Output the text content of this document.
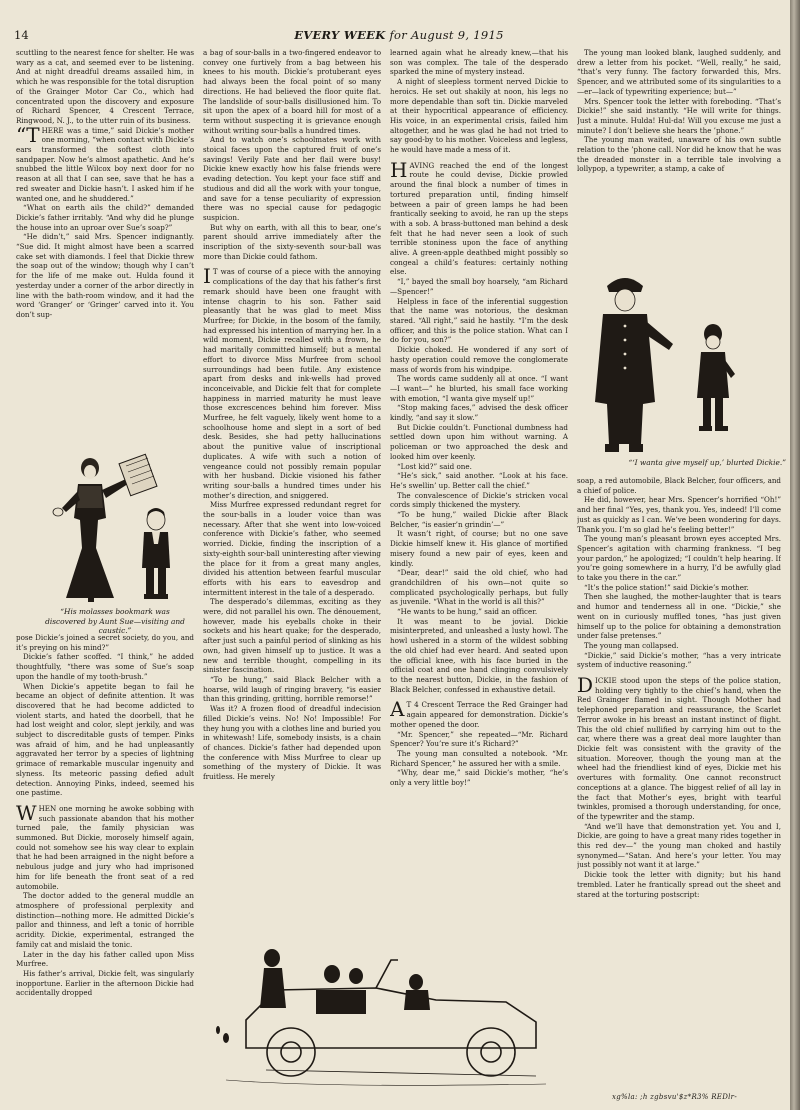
14	EVERY WEEK for August 9, 1915

scuttling to the nearest fence for shelter. He was wary as a cat, and seemed ever to be listening. And at night dreadful dreams assailed him, in which he was responsible for the total disruption of the Grainger Motor Car Co., which had concentrated upon the discovery and exposure of Richard Spencer, 4 Crescent Terrace, Ringwood, N. J., to the utter ruin of its business.

“THERE was a time,” said Dickie’s mother one morning, “when contact with Dickie’s ears transformed the softest cloth into sandpaper. Now he’s almost apathetic. And he’s snubbed the little Wilcox boy next door for no reason at all that I can see, save that he has a red sweater and Dickie hasn’t. I asked him if he wanted one, and he shuddered.”

“What on earth ails the child?” demanded Dickie’s father irritably. “And why did he plunge the house into an uproar over Sue’s soap?”

“He didn’t,” said Mrs. Spencer indignantly. “Sue did. It might almost have been a scarred cake set with diamonds. I feel that Dickie threw the soap out of the window; though why I can’t for the life of me make out. Hulda found it yesterday under a corner of the arbor directly in line with the bath-room window, and it had the word ‘Granger’ or ‘Gringer’ carved into it. You don’t sup-

“His molasses bookmark was discovered by Aunt Sue—visiting and caustic.”

pose Dickie’s joined a secret society, do you, and it’s preying on his mind?”

Dickie’s father scoffed. “I think,” he added thoughtfully, “there was some of Sue’s soap upon the handle of my tooth-brush.”

When Dickie’s appetite began to fail he became an object of definite attention. It was discovered that he had become addicted to violent starts, and hated the doorbell, that he had lost weight and color, slept jerkily, and was subject to discreditable gusts of temper. Pinks was afraid of him, and he had unpleasantly aggravated her terror by a species of lightning grimace of remarkable muscular ingenuity and slyness. Its meteoric passing defied adult detection. Annoying Pinks, indeed, seemed his one pastime.

WHEN one morning he awoke sobbing with such passionate abandon that his mother turned pale, the family physician was summoned. But Dickie, morosely himself again, could not somehow see his way clear to explain that he had been arraigned in the night before a nebulous judge and jury who had imprisoned him for life beneath the front seat of a red automobile.

The doctor added to the general muddle an atmosphere of professional perplexity and distinction—nothing more. He admitted Dickie’s pallor and thinness, and left a tonic of horrible acridity. Dickie, experimental, estranged the family cat and mislaid the tonic.

Later in the day his father called upon Miss Murfree.

His father’s arrival, Dickie felt, was singularly inopportune. Earlier in the afternoon Dickie had accidentally dropped

a bag of sour-balls in a two-fingered endeavor to convey one furtively from a bag between his knees to his mouth. Dickie’s protuberant eyes had always been the focal point of so many directions. He had believed the floor quite flat. The landslide of sour-balls disillusioned him. To sit upon the apex of a board hill for most of a term without suspecting it is grievance enough without writing sour-balls a hundred times.

And to watch one’s schoolmates work with stoical faces upon the captured fruit of one’s savings! Verily Fate and her flail were busy! Dickie knew exactly how his false friends were evading detection. You kept your face stiff and studious and did all the work with your tongue, and save for a tense peculiarity of expression there was no special cause for pedagogic suspicion.

But why on earth, with all this to bear, one’s parent should arrive immediately after the inscription of the sixty-seventh sour-ball was more than Dickie could fathom.

IT was of course of a piece with the annoying complications of the day that his father’s first remark should have been one fraught with intense chagrin to his son. Father said pleasantly that he was glad to meet Miss Murfree; for Dickie, in the bosom of the family, had expressed his intention of marrying her. In a wild moment, Dickie recalled with a frown, he had maritally committed himself; but a mental effort to divorce Miss Murfree from school surroundings had been futile. Any existence apart from desks and ink-wells had proved inconceivable, and Dickie felt that for complete happiness in married maturity he must leave those excrescences behind him forever. Miss Murfree, he felt vaguely, likely went home to a schoolhouse home and slept in a sort of bed desk. Besides, she had petty hallucinations about the punitive value of inscriptional duplicates. A wife with such a notion of vengeance could not possibly remain popular with her husband. Dickie visioned his father writing sour-balls a hundred times under his mother’s direction, and sniggered.

Miss Murfree expressed redundant regret for the sour-balls in a louder voice than was necessary. After that she went into low-voiced conference with Dickie’s father, who seemed worried. Dickie, finding the inscription of a sixty-eighth sour-ball uninteresting after viewing the place for it from a great many angles, divided his attention between fearful muscular efforts with his ears to eavesdrop and intermittent interest in the tale of a desperado.

The desperado’s dilemmas, exciting as they were, did not parallel his own. The dénouement, however, made his eyeballs choke in their sockets and his heart quake; for the desperado, after just such a painful period of slinking as his own, had given himself up to justice. It was a new and terrible thought, compelling in its sinister fascination.

“To be hung,” said Black Belcher with a hoarse, wild laugh of ringing bravery, “is easier than this grinding, gritting, horrible remorse!”

Was it? A frozen flood of dreadful indecision filled Dickie’s veins. No! No! Impossible! For they hung you with a clothes line and buried you in whitewash! Life, somebody insists, is a chain of chances. Dickie’s father had depended upon the conference with Miss Murfree to clear up something of the mystery of Dickie. It was fruitless. He merely

learned again what he already knew,—that his son was complex. The tale of the desperado sparked the mine of mystery instead.

A night of sleepless torment nerved Dickie to heroics. He set out shakily at noon, his legs no more dependable than soft tin. Dickie marveled at their hypocritical appearance of efficiency. His voice, in an experimental crisis, failed him altogether, and he was glad he had not tried to say good-by to his mother. Voiceless and legless, he would have made a mess of it.

HAVING reached the end of the longest route he could devise, Dickie prowled around the final block a number of times in tortured preparation until, finding himself between a pair of green lamps he had been frantically seeking to avoid, he ran up the steps with a sob. A brass-buttoned man behind a desk felt that he had never seen a look of such terrible stoniness upon the face of anything alive. A green-apple deathbed might possibly so congeal a child’s features: certainly nothing else.

“I,” bayed the small boy hoarsely, “am Richard—Spencer!”

Helpless in face of the inferential suggestion that the name was notorious, the deskman stared. “All right,” said he hastily. “I’m the desk officer, and this is the police station. What can I do for you, son?”

Dickie choked. He wondered if any sort of hasty operation could remove the conglomerate mass of words from his windpipe.

The words came suddenly all at once. “I want—I want—” he blurted, his small face working with emotion, “I wanta give myself up!”

“Stop making faces,” advised the desk officer kindly, “and say it slow.”

But Dickie couldn’t. Functional dumbness had settled down upon him without warning. A policeman or two approached the desk and looked him over keenly.

“Lost kid?” said one.

“He’s sick,” said another. “Look at his face. He’s swellin’ up. Better call the chief.”

The convalescence of Dickie’s stricken vocal cords simply thickened the mystery.

“To be hung,” wailed Dickie after Black Belcher, “is easier’n grindin’—”

It wasn’t right, of course; but no one save Dickie himself knew it. His glance of mortified misery found a new pair of eyes, keen and kindly.

“Dear, dear!” said the old chief, who had grandchildren of his own—not quite so complicated psychologically perhaps, but fully as juvenile. “What in the world is all this?”

“He wants to be hung,” said an officer.

It was meant to be jovial. Dickie misinterpreted, and unleashed a lusty howl. The howl ushered in a storm of the wildest sobbing the old chief had ever heard. And seated upon the official knee, with his face buried in the official coat and one hand clinging convulsively to the nearest button, Dickie, in the fashion of Black Belcher, confessed in exhaustive detail.

AT 4 Crescent Terrace the Red Grainger had again appeared for demonstration. Dickie’s mother opened the door.

“Mr. Spencer,” she repeated—“Mr. Richard Spencer? You’re sure it’s Richard?”

The young man consulted a notebook. “Mr. Richard Spencer,” he assured her with a smile.

“Why, dear me,” said Dickie’s mother, “he’s only a very little boy!”

The young man looked blank, laughed suddenly, and drew a letter from his pocket. “Well, really,” he said, “that’s very funny. The factory forwarded this, Mrs. Spencer, and we attributed some of its singularities to a—er—lack of typewriting experience; but—”

Mrs. Spencer took the letter with foreboding. “That’s Dickie!” she said instantly. “He will write for things. Just a minute. Hulda! Hul-da! Will you excuse me just a minute? I don’t believe she hears the ’phone.”

The young man waited, unaware of his own subtle relation to the ’phone call. Nor did he know that he was the dreaded monster in a terrible tale involving a lollypop, a typewriter, a stamp, a cake of

“‘I wanta give myself up,’ blurted Dickie.”

soap, a red automobile, Black Belcher, four officers, and a chief of police.

He did, however, hear Mrs. Spencer’s horrified “Oh!” and her final “Yes, yes, thank you. Yes, indeed! I’ll come just as quickly as I can. We’ve been wondering for days. Thank you. I’m so glad he’s feeling better!”

The young man’s pleasant brown eyes accepted Mrs. Spencer’s agitation with charming frankness. “I beg your pardon,” he apologized; “I couldn’t help hearing. If you’re going somewhere in a hurry, I’d be awfully glad to take you there in the car.”

“It’s the police station!” said Dickie’s mother.

Then she laughed, the mother-laughter that is tears and humor and tenderness all in one. “Dickie,” she went on in curiously muffled tones, “has just given himself up to the police for obtaining a demonstration under false pretenses.”

The young man collapsed.

“Dickie,” said Dickie’s mother, “has a very intricate system of inductive reasoning.”

DICKIE stood upon the steps of the police station, holding very tightly to the chief’s hand, when the Red Grainger flamed in sight. Though Mother had telephoned preparation and reassurance, the Scarlet Terror awoke in his breast an instant instinct of flight. This the old chief nullified by carrying him out to the car, where there was a great deal more laughter than Dickie felt was consistent with the gravity of the situation. Moreover, though the young man at the wheel had the friendliest kind of eyes, Dickie met his overtures with formality. One cannot reconstruct conceptions at a glance. The biggest relief of all lay in the fact that Mother’s eyes, bright with tearful twinkles, promised a thorough understanding, for once, of the typewriter and the stamp.

“And we’ll have that demonstration yet. You and I, Dickie, are going to have a great many rides together in this red dev—” the young man choked and hastily synonymed—“Satan. And here’s your letter. You may just possibly not want it at large.”

Dickie took the letter with dignity; but his hand trembled. Later he frantically spread out the sheet and stared at the torturing postscript:

xg%la: ;h zgbsvu'$z*R3% REDlr-
